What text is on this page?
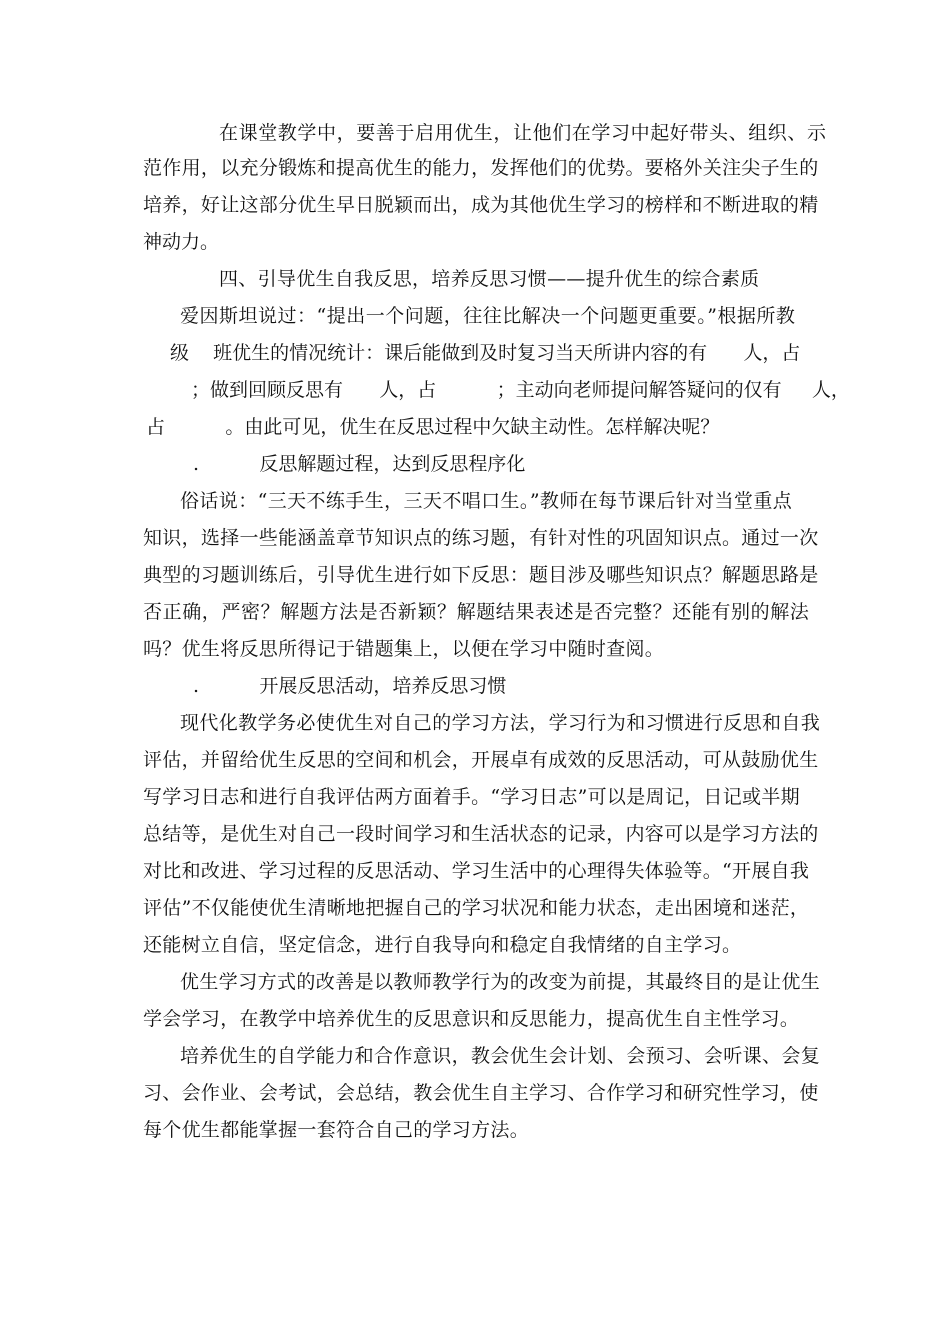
在课堂教学中，要善于启用优生，让他们在学习中起好带头、组织、示
范作用，以充分锻炼和提高优生的能力，发挥他们的优势。要格外关注尖子生的
培养，好让这部分优生早日脱颖而出，成为其他优生学习的榜样和不断进取的精
神动力。
四、引导优生自我反思，培养反思习惯——提升优生的综合素质
爱因斯坦说过：“提出一个问题，往往比解决一个问题更重要。”根据所教
级    班优生的情况统计：课后能做到及时复习当天所讲内容的有      人，占
；做到回顾反思有      人，占          ；主动向老师提问解答疑问的仅有     人，
占          。由此可见，优生在反思过程中欠缺主动性。怎样解决呢？
.          反思解题过程，达到反思程序化
俗话说：“三天不练手生，三天不唱口生。”教师在每节课后针对当堂重点
知识，选择一些能涵盖章节知识点的练习题，有针对性的巩固知识点。通过一次
典型的习题训练后，引导优生进行如下反思：题目涉及哪些知识点？解题思路是
否正确，严密？解题方法是否新颖？解题结果表述是否完整？还能有别的解法
吗？优生将反思所得记于错题集上，以便在学习中随时查阅。
.          开展反思活动，培养反思习惯
现代化教学务必使优生对自己的学习方法，学习行为和习惯进行反思和自我
评估，并留给优生反思的空间和机会，开展卓有成效的反思活动，可从鼓励优生
写学习日志和进行自我评估两方面着手。“学习日志”可以是周记，日记或半期
总结等，是优生对自己一段时间学习和生活状态的记录，内容可以是学习方法的
对比和改进、学习过程的反思活动、学习生活中的心理得失体验等。“开展自我
评估”不仅能使优生清晰地把握自己的学习状况和能力状态，走出困境和迷茫，
还能树立自信，坚定信念，进行自我导向和稳定自我情绪的自主学习。
优生学习方式的改善是以教师教学行为的改变为前提，其最终目的是让优生
学会学习，在教学中培养优生的反思意识和反思能力，提高优生自主性学习。
培养优生的自学能力和合作意识，教会优生会计划、会预习、会听课、会复
习、会作业、会考试，会总结，教会优生自主学习、合作学习和研究性学习，使
每个优生都能掌握一套符合自己的学习方法。
